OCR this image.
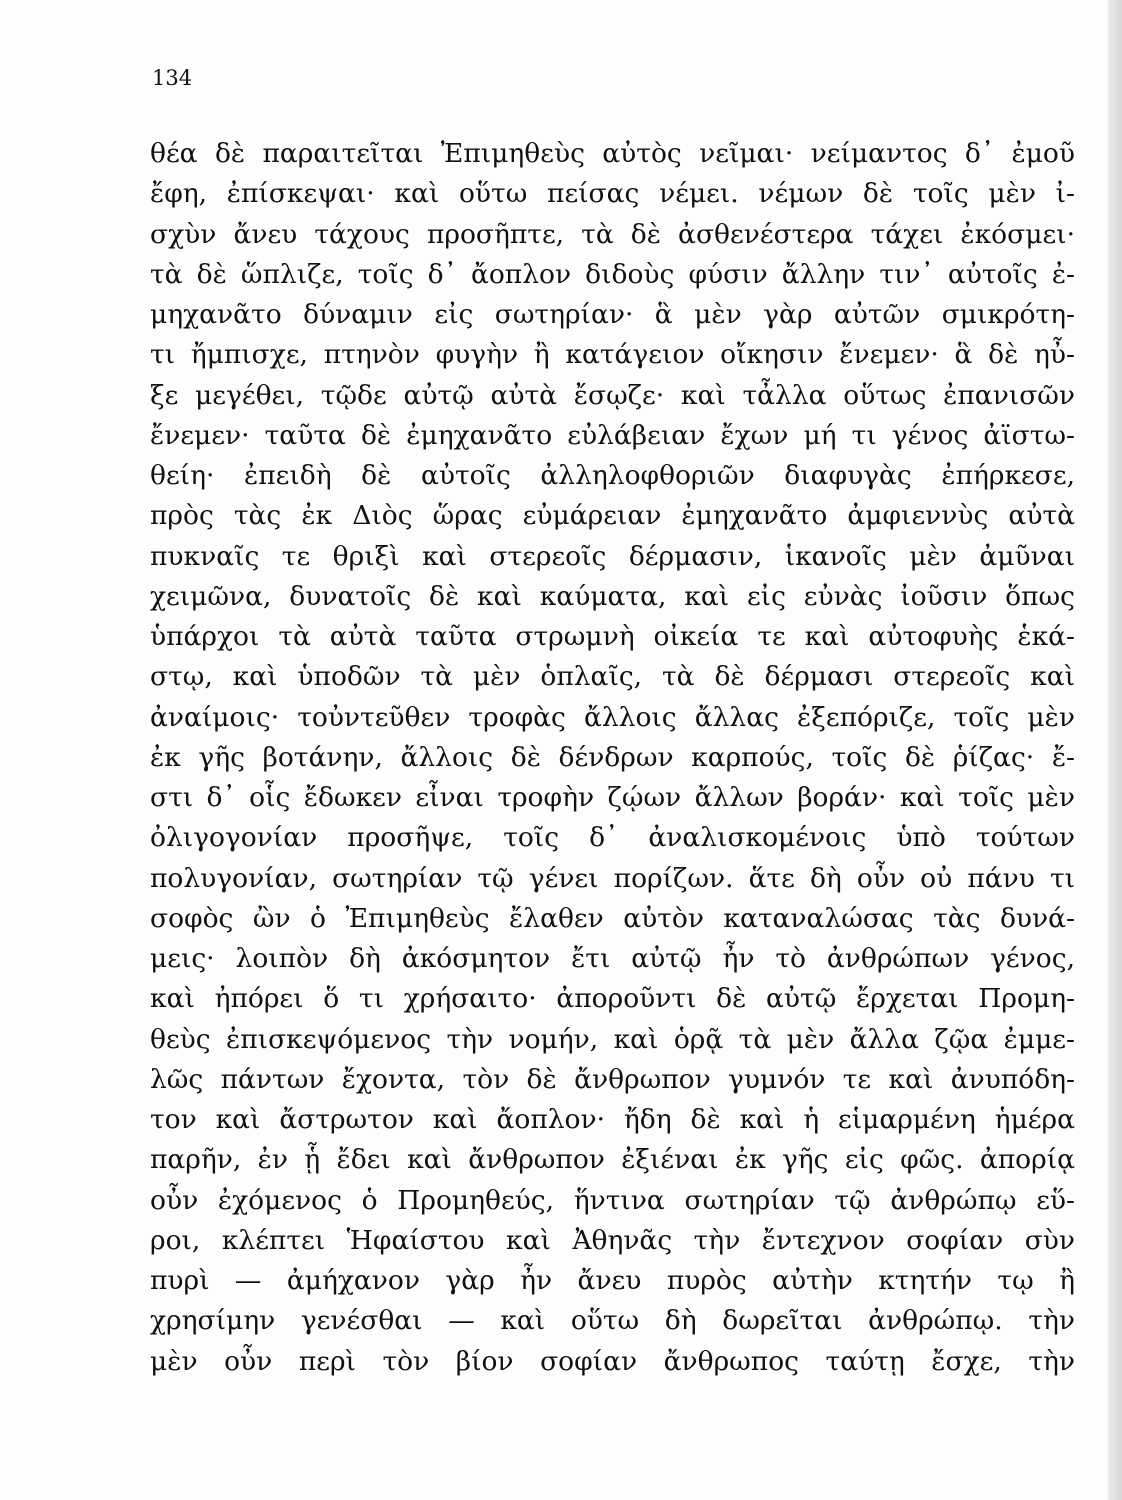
134
θέα δὲ παραιτεῖται Ἐπιμηθεὺς αὐτὸς νεῖμαι· νείμαντος δ᾽ ἐμοῦ
ἔφη, ἐπίσκεψαι· καὶ οὕτω πείσας νέμει. νέμων δὲ τοῖς μὲν ἰ-
σχὺν ἄνευ τάχους προσῆπτε, τὰ δὲ ἀσθενέστερα τάχει ἐκόσμει·
τὰ δὲ ὥπλιζε, τοῖς δ᾽ ἄοπλον διδοὺς φύσιν ἄλλην τιν᾽ αὐτοῖς ἐ-
μηχανᾶτο δύναμιν εἰς σωτηρίαν· ἃ μὲν γὰρ αὐτῶν σμικρότη-
τι ἤμπισχε, πτηνὸν φυγὴν ἢ κατάγειον οἴκησιν ἔνεμεν· ἃ δὲ ηὖ-
ξε μεγέθει, τῷδε αὐτῷ αὐτὰ ἔσῳζε· καὶ τἆλλα οὕτως ἐπανισῶν
ἔνεμεν· ταῦτα δὲ ἐμηχανᾶτο εὐλάβειαν ἔχων μή τι γένος ἀϊστω-
θείη· ἐπειδὴ δὲ αὐτοῖς ἀλληλοφθοριῶν διαφυγὰς ἐπήρκεσε,
πρὸς τὰς ἐκ Διὸς ὥρας εὐμάρειαν ἐμηχανᾶτο ἀμφιεννὺς αὐτὰ
πυκναῖς τε θριξὶ καὶ στερεοῖς δέρμασιν, ἱκανοῖς μὲν ἀμῦναι
χειμῶνα, δυνατοῖς δὲ καὶ καύματα, καὶ εἰς εὐνὰς ἰοῦσιν ὅπως
ὑπάρχοι τὰ αὐτὰ ταῦτα στρωμνὴ οἰκεία τε καὶ αὐτοφυὴς ἑκά-
στῳ, καὶ ὑποδῶν τὰ μὲν ὁπλαῖς, τὰ δὲ δέρμασι στερεοῖς καὶ
ἀναίμοις· τοὐντεῦθεν τροφὰς ἄλλοις ἄλλας ἐξεπόριζε, τοῖς μὲν
ἐκ γῆς βοτάνην, ἄλλοις δὲ δένδρων καρπούς, τοῖς δὲ ῥίζας· ἔ-
στι δ᾽ οἷς ἔδωκεν εἶναι τροφὴν ζῴων ἄλλων βοράν· καὶ τοῖς μὲν
ὀλιγογονίαν προσῆψε, τοῖς δ᾽ ἀναλισκομένοις ὑπὸ τούτων
πολυγονίαν, σωτηρίαν τῷ γένει πορίζων. ἅτε δὴ οὖν οὐ πάνυ τι
σοφὸς ὢν ὁ Ἐπιμηθεὺς ἔλαθεν αὐτὸν καταναλώσας τὰς δυνά-
μεις· λοιπὸν δὴ ἀκόσμητον ἔτι αὐτῷ ἦν τὸ ἀνθρώπων γένος,
καὶ ἠπόρει ὅ τι χρήσαιτο· ἀποροῦντι δὲ αὐτῷ ἔρχεται Προμη-
θεὺς ἐπισκεψόμενος τὴν νομήν, καὶ ὁρᾷ τὰ μὲν ἄλλα ζῷα ἐμμε-
λῶς πάντων ἔχοντα, τὸν δὲ ἄνθρωπον γυμνόν τε καὶ ἀνυπόδη-
τον καὶ ἄστρωτον καὶ ἄοπλον· ἤδη δὲ καὶ ἡ εἱμαρμένη ἡμέρα
παρῆν, ἐν ᾗ ἔδει καὶ ἄνθρωπον ἐξιέναι ἐκ γῆς εἰς φῶς. ἀπορίᾳ
οὖν ἐχόμενος ὁ Προμηθεύς, ἥντινα σωτηρίαν τῷ ἀνθρώπῳ εὕ-
ροι, κλέπτει Ἡφαίστου καὶ Ἀθηνᾶς τὴν ἔντεχνον σοφίαν σὺν
πυρὶ — ἀμήχανον γὰρ ἦν ἄνευ πυρὸς αὐτὴν κτητήν τῳ ἢ
χρησίμην γενέσθαι — καὶ οὕτω δὴ δωρεῖται ἀνθρώπῳ. τὴν
μὲν οὖν περὶ τὸν βίον σοφίαν ἄνθρωπος ταύτῃ ἔσχε, τὴν
